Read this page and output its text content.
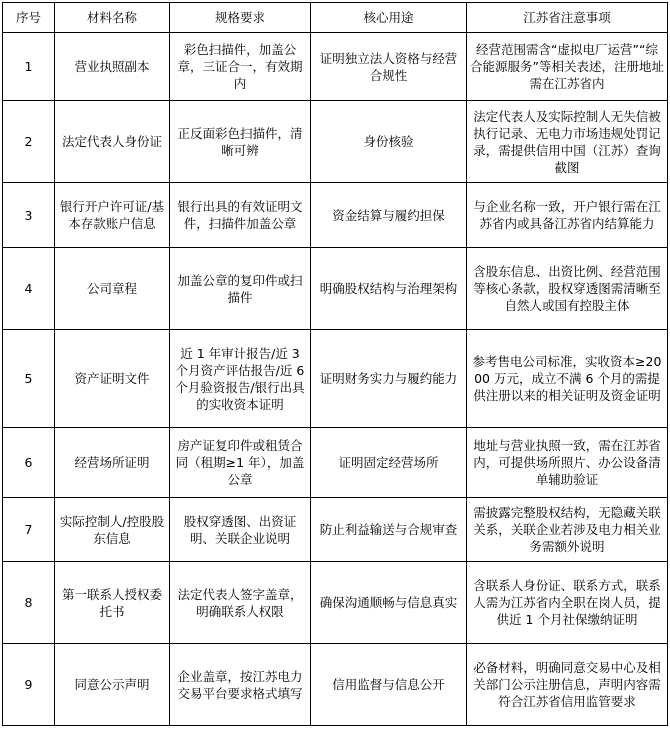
序号	材料名称	规格要求	核心用途	江苏省注意事项
1	营业执照副本	彩色扫描件，加盖公章，三证合一，有效期内	证明独立法人资格与经营合规性	经营范围需含“虚拟电厂运营”“综合能源服务”等相关表述，注册地址需在江苏省内
2	法定代表人身份证	正反面彩色扫描件，清晰可辨	身份核验	法定代表人及实际控制人无失信被执行记录、无电力市场违规处罚记录，需提供信用中国（江苏）查询截图
3	银行开户许可证/基本存款账户信息	银行出具的有效证明文件，扫描件加盖公章	资金结算与履约担保	与企业名称一致，开户银行需在江苏省内或具备江苏省内结算能力
4	公司章程	加盖公章的复印件或扫描件	明确股权结构与治理架构	含股东信息、出资比例、经营范围等核心条款，股权穿透图需清晰至自然人或国有控股主体
5	资产证明文件	近 1 年审计报告/近 3 个月资产评估报告/近 6 个月验资报告/银行出具的实收资本证明	证明财务实力与履约能力	参考售电公司标准，实收资本≥2000 万元，成立不满 6 个月的需提供注册以来的相关证明及资金证明
6	经营场所证明	房产证复印件或租赁合同（租期≥1 年），加盖公章	证明固定经营场所	地址与营业执照一致，需在江苏省内，可提供场所照片、办公设备清单辅助验证
7	实际控制人/控股股东信息	股权穿透图、出资证明、关联企业说明	防止利益输送与合规审查	需披露完整股权结构，无隐藏关联关系，关联企业若涉及电力相关业务需额外说明
8	第一联系人授权委托书	法定代表人签字盖章，明确联系人权限	确保沟通顺畅与信息真实	含联系人身份证、联系方式，联系人需为江苏省内全职在岗人员，提供近 1 个月社保缴纳证明
9	同意公示声明	企业盖章，按江苏电力交易平台要求格式填写	信用监督与信息公开	必备材料，明确同意交易中心及相关部门公示注册信息，声明内容需符合江苏省信用监管要求
